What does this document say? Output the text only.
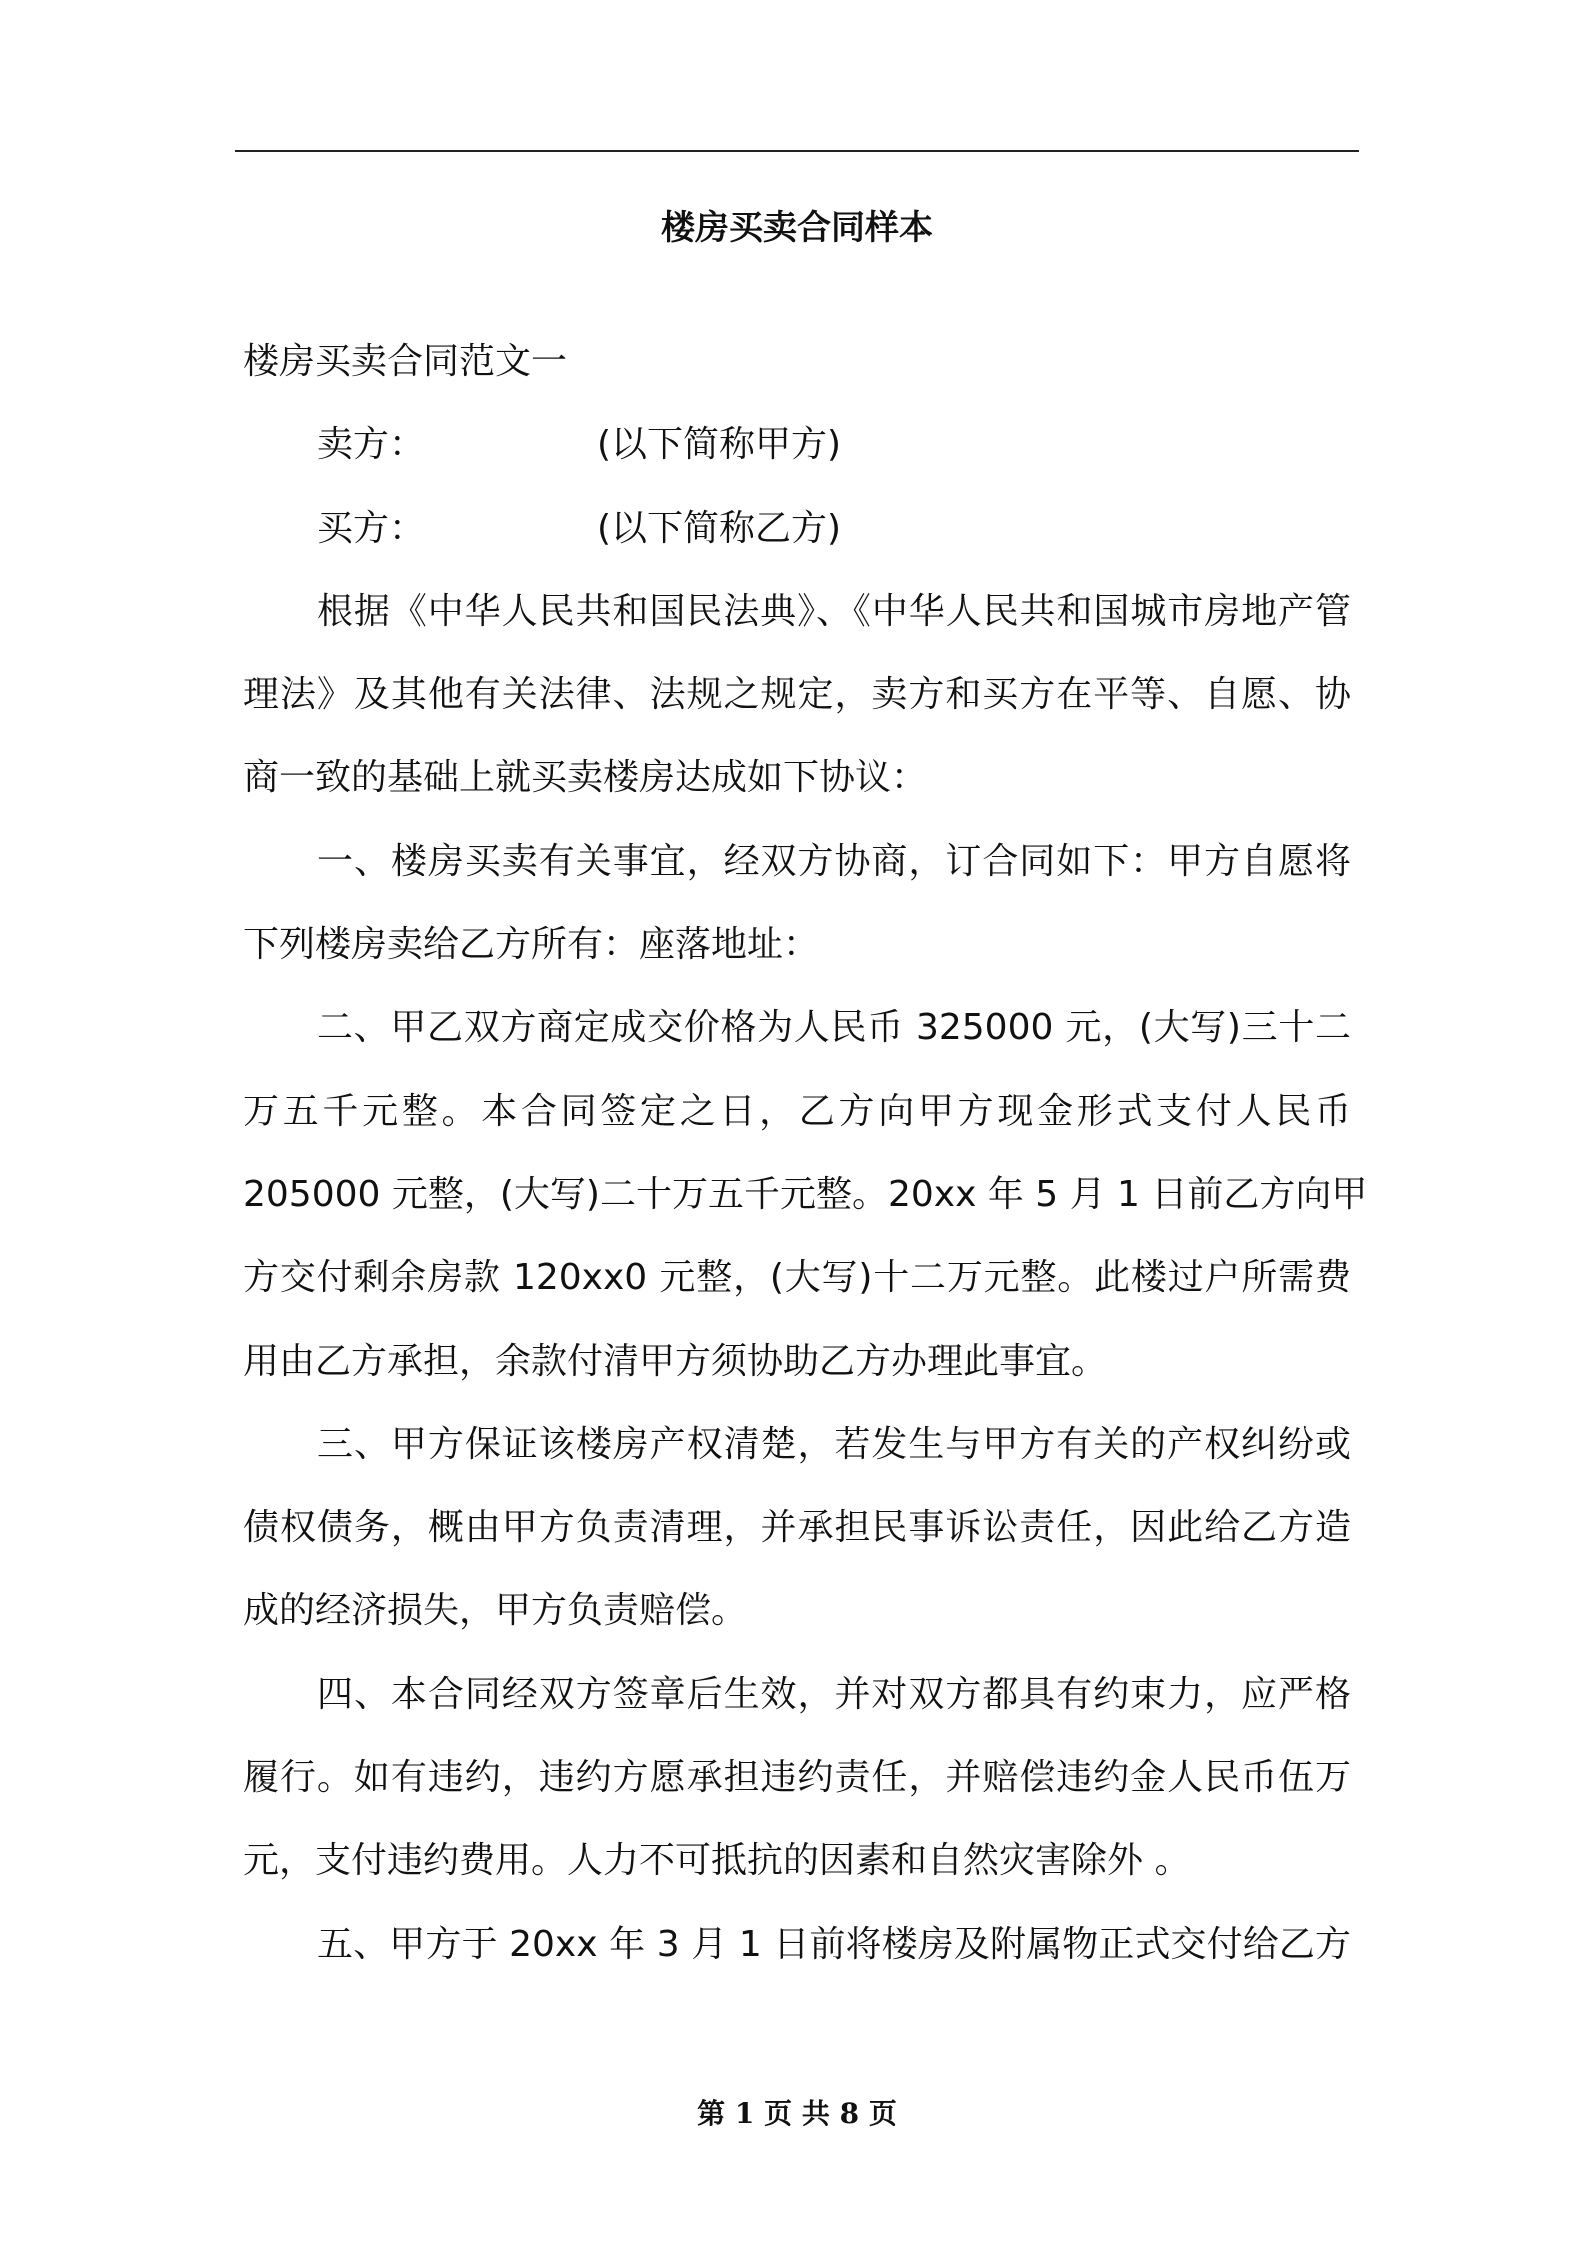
楼房买卖合同样本
楼房买卖合同范文一
卖方：	(以下简称甲方)
买方：	(以下简称乙方)
根据《中华人民共和国民法典》、《中华人民共和国城市房地产管
理法》及其他有关法律、法规之规定，卖方和买方在平等、自愿、协
商一致的基础上就买卖楼房达成如下协议：
一、楼房买卖有关事宜，经双方协商，订合同如下：甲方自愿将
下列楼房卖给乙方所有：座落地址：
二、甲乙双方商定成交价格为人民币 325000 元，(大写)三十二
万五千元整。本合同签定之日，乙方向甲方现金形式支付人民币
205000 元整，(大写)二十万五千元整。20xx 年 5 月 1 日前乙方向甲
方交付剩余房款 120xx0 元整，(大写)十二万元整。此楼过户所需费
用由乙方承担，余款付清甲方须协助乙方办理此事宜。
三、甲方保证该楼房产权清楚，若发生与甲方有关的产权纠纷或
债权债务，概由甲方负责清理，并承担民事诉讼责任，因此给乙方造
成的经济损失，甲方负责赔偿。
四、本合同经双方签章后生效，并对双方都具有约束力，应严格
履行。如有违约，违约方愿承担违约责任，并赔偿违约金人民币伍万
元，支付违约费用。人力不可抵抗的因素和自然灾害除外 。
五、甲方于 20xx 年 3 月 1 日前将楼房及附属物正式交付给乙方
第 1 页 共 8 页
